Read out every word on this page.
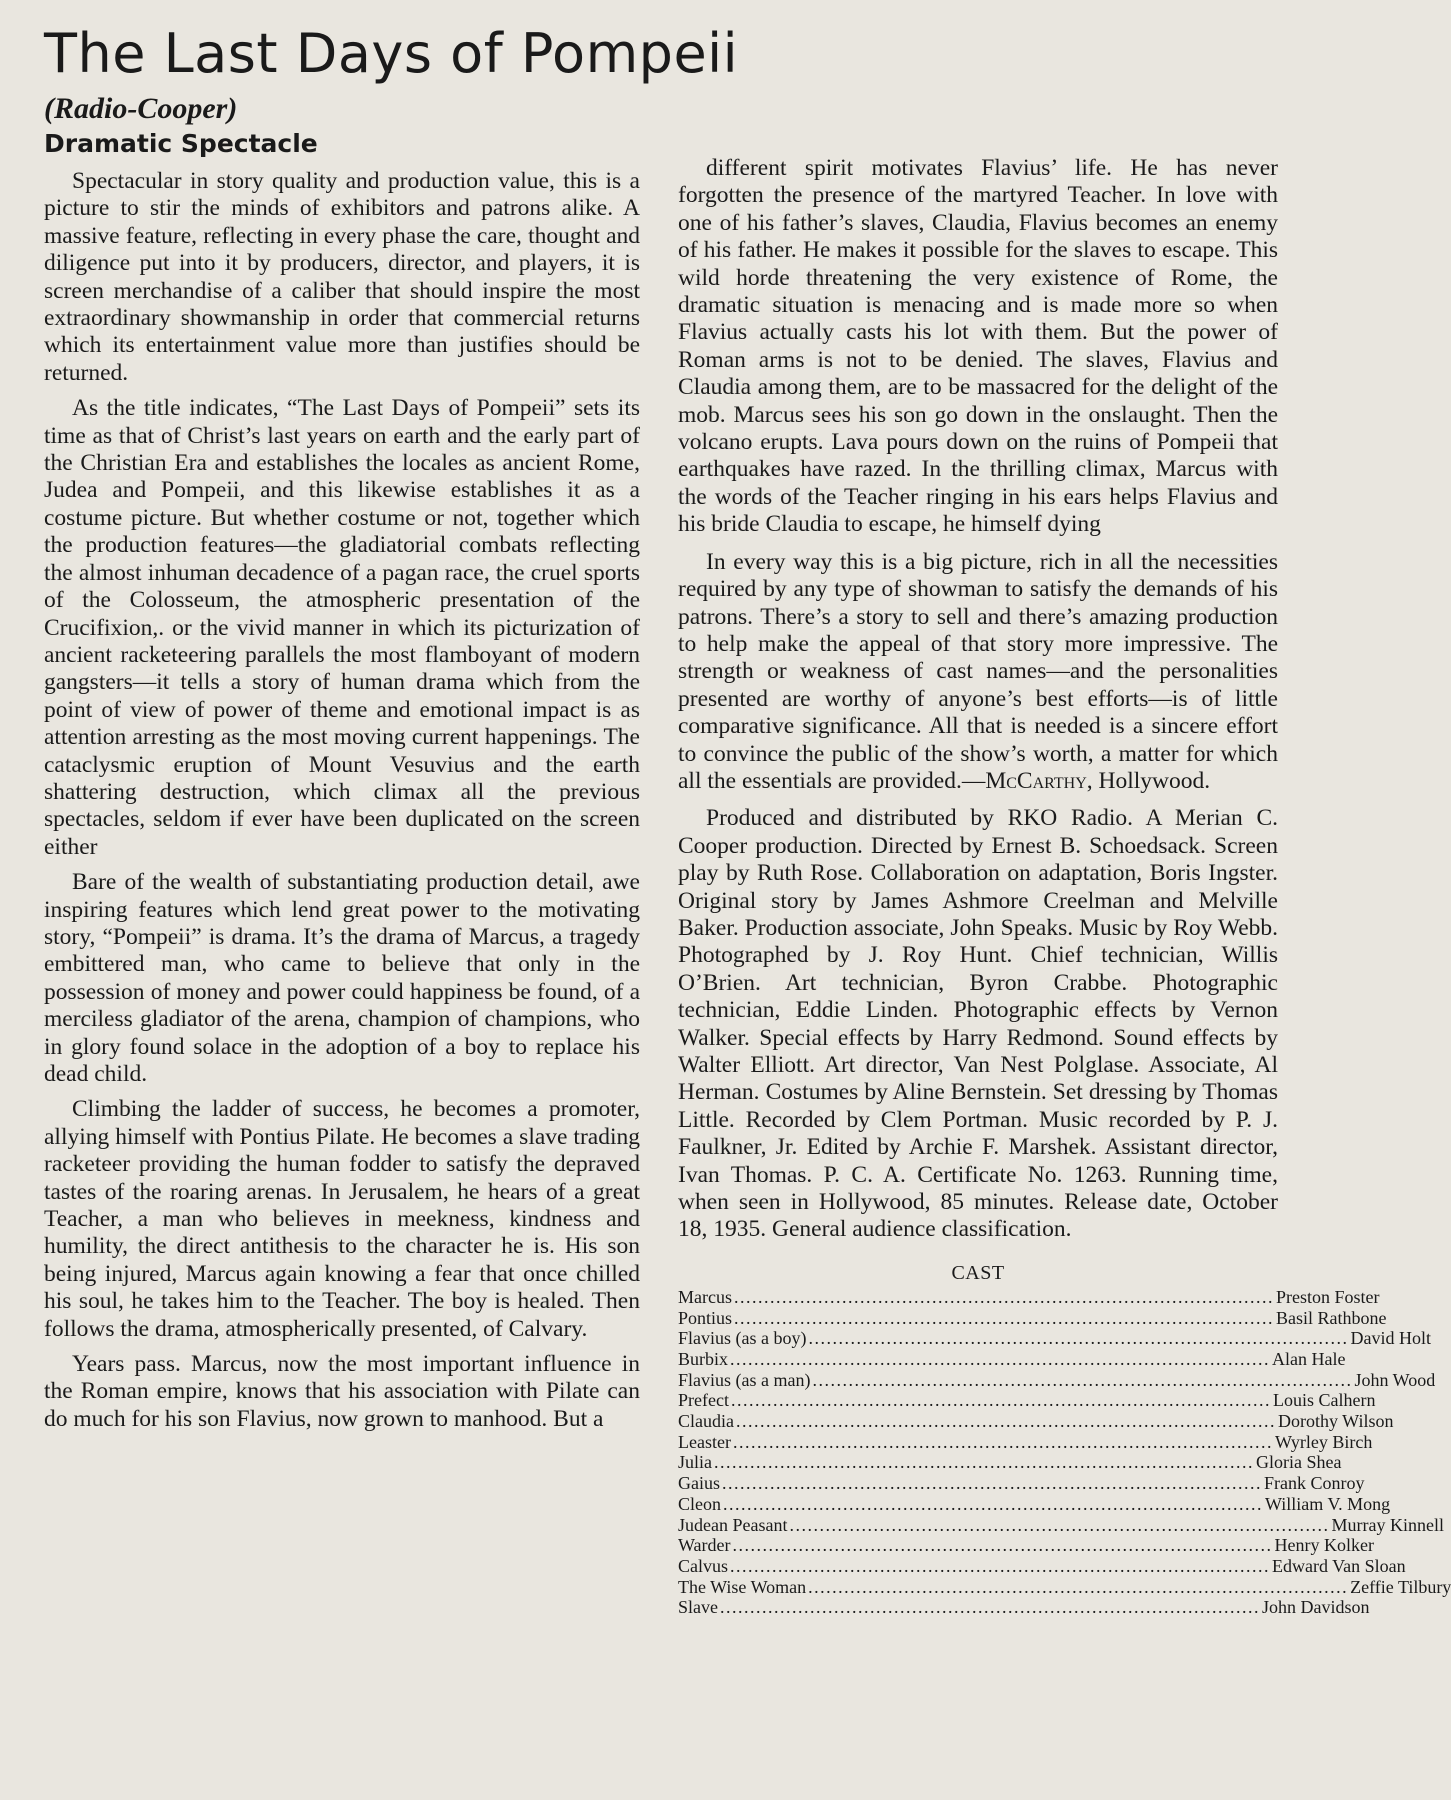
The Last Days of Pompeii
(Radio-Cooper)
Dramatic Spectacle

Spectacular in story quality and production value, this is a picture to stir the minds of exhibitors and patrons alike. A massive feature, reflecting in every phase the care, thought and diligence put into it by producers, director, and players, it is screen merchandise of a caliber that should inspire the most extraordinary showmanship in order that commercial returns which its entertainment value more than justifies should be returned.

As the title indicates, “The Last Days of Pompeii” sets its time as that of Christ’s last years on earth and the early part of the Christian Era and establishes the locales as ancient Rome, Judea and Pompeii, and this likewise establishes it as a costume picture. But whether costume or not, together which the production features—the gladiatorial combats reflecting the almost inhuman decadence of a pagan race, the cruel sports of the Colosseum, the atmospheric presentation of the Crucifixion,. or the vivid manner in which its picturization of ancient racketeering parallels the most flamboyant of modern gangsters—it tells a story of human drama which from the point of view of power of theme and emotional impact is as attention arresting as the most moving current happenings. The cataclysmic eruption of Mount Vesuvius and the earth shattering destruction, which climax all the previous spectacles, seldom if ever have been duplicated on the screen either

Bare of the wealth of substantiating production detail, awe inspiring features which lend great power to the motivating story, “Pompeii” is drama. It’s the drama of Marcus, a tragedy embittered man, who came to believe that only in the possession of money and power could happiness be found, of a merciless gladiator of the arena, champion of champions, who in glory found solace in the adoption of a boy to replace his dead child.

Climbing the ladder of success, he becomes a promoter, allying himself with Pontius Pilate. He becomes a slave trading racketeer providing the human fodder to satisfy the depraved tastes of the roaring arenas. In Jerusalem, he hears of a great Teacher, a man who believes in meekness, kindness and humility, the direct antithesis to the character he is. His son being injured, Marcus again knowing a fear that once chilled his soul, he takes him to the Teacher. The boy is healed. Then follows the drama, atmospherically presented, of Calvary.

Years pass. Marcus, now the most important influence in the Roman empire, knows that his association with Pilate can do much for his son Flavius, now grown to manhood. But a

different spirit motivates Flavius’ life. He has never forgotten the presence of the martyred Teacher. In love with one of his father’s slaves, Claudia, Flavius becomes an enemy of his father. He makes it possible for the slaves to escape. This wild horde threatening the very existence of Rome, the dramatic situation is menacing and is made more so when Flavius actually casts his lot with them. But the power of Roman arms is not to be denied. The slaves, Flavius and Claudia among them, are to be massacred for the delight of the mob. Marcus sees his son go down in the onslaught. Then the volcano erupts. Lava pours down on the ruins of Pompeii that earthquakes have razed. In the thrilling climax, Marcus with the words of the Teacher ringing in his ears helps Flavius and his bride Claudia to escape, he himself dying

In every way this is a big picture, rich in all the necessities required by any type of showman to satisfy the demands of his patrons. There’s a story to sell and there’s amazing production to help make the appeal of that story more impressive. The strength or weakness of cast names—and the personalities presented are worthy of anyone’s best efforts—is of little comparative significance. All that is needed is a sincere effort to convince the public of the show’s worth, a matter for which all the essentials are provided.—McCarthy, Hollywood.

Produced and distributed by RKO Radio. A Merian C. Cooper production. Directed by Ernest B. Schoedsack. Screen play by Ruth Rose. Collaboration on adaptation, Boris Ingster. Original story by James Ashmore Creelman and Melville Baker. Production associate, John Speaks. Music by Roy Webb. Photographed by J. Roy Hunt. Chief technician, Willis O’Brien. Art technician, Byron Crabbe. Photographic technician, Eddie Linden. Photographic effects by Vernon Walker. Special effects by Harry Redmond. Sound effects by Walter Elliott. Art director, Van Nest Polglase. Associate, Al Herman. Costumes by Aline Bernstein. Set dressing by Thomas Little. Recorded by Clem Portman. Music recorded by P. J. Faulkner, Jr. Edited by Archie F. Marshek. Assistant director, Ivan Thomas. P. C. A. Certificate No. 1263. Running time, when seen in Hollywood, 85 minutes. Release date, October 18, 1935. General audience classification.

CAST
Marcus .......................................................................................... Preston Foster
Pontius .......................................................................................... Basil Rathbone
Flavius (as a boy) .......................................................................................... David Holt
Burbix .......................................................................................... Alan Hale
Flavius (as a man) .......................................................................................... John Wood
Prefect .......................................................................................... Louis Calhern
Claudia .......................................................................................... Dorothy Wilson
Leaster .......................................................................................... Wyrley Birch
Julia .......................................................................................... Gloria Shea
Gaius .......................................................................................... Frank Conroy
Cleon .......................................................................................... William V. Mong
Judean Peasant .......................................................................................... Murray Kinnell
Warder .......................................................................................... Henry Kolker
Calvus .......................................................................................... Edward Van Sloan
The Wise Woman .......................................................................................... Zeffie Tilbury
Slave .......................................................................................... John Davidson
